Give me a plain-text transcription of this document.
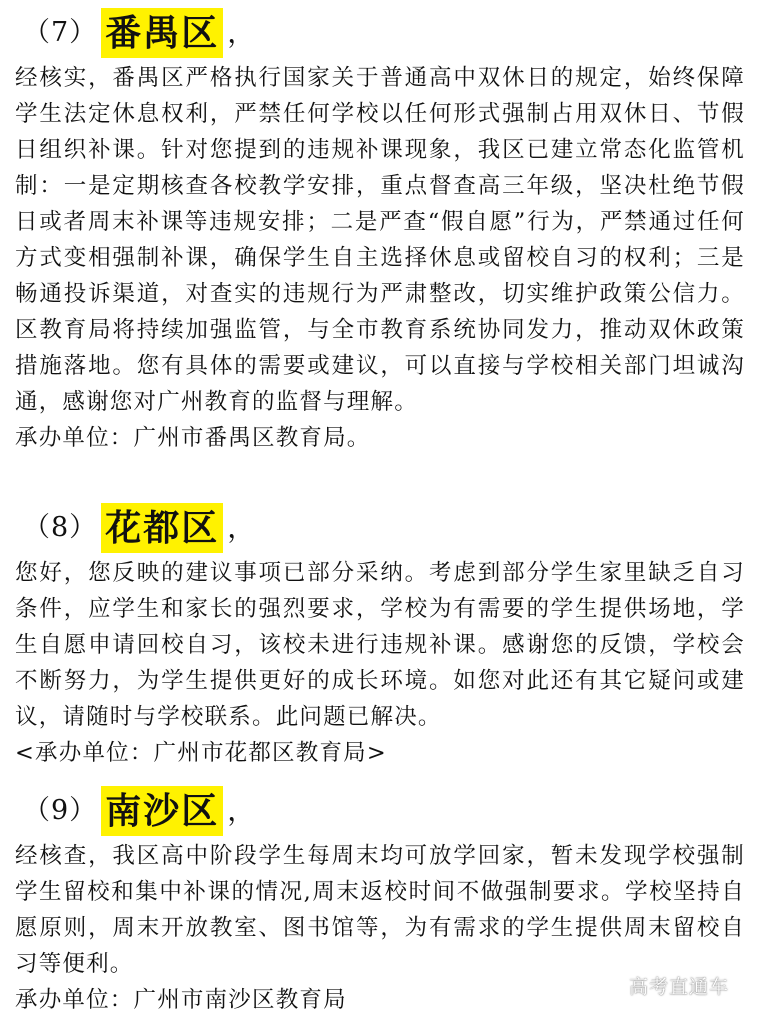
（7） 番禺区 ，

经核实，番禺区严格执行国家关于普通高中双休日的规定，始终保障学生法定休息权利，严禁任何学校以任何形式强制占用双休日、节假日组织补课。针对您提到的违规补课现象，我区已建立常态化监管机制：一是定期核查各校教学安排，重点督查高三年级，坚决杜绝节假日或者周末补课等违规安排；二是严查“假自愿”行为，严禁通过任何方式变相强制补课，确保学生自主选择休息或留校自习的权利；三是畅通投诉渠道，对查实的违规行为严肃整改，切实维护政策公信力。区教育局将持续加强监管，与全市教育系统协同发力，推动双休政策措施落地。您有具体的需要或建议，可以直接与学校相关部门坦诚沟通，感谢您对广州教育的监督与理解。

承办单位：广州市番禺区教育局。

（8） 花都区 ，

您好，您反映的建议事项已部分采纳。考虑到部分学生家里缺乏自习条件，应学生和家长的强烈要求，学校为有需要的学生提供场地，学生自愿申请回校自习，该校未进行违规补课。感谢您的反馈，学校会不断努力，为学生提供更好的成长环境。如您对此还有其它疑问或建议，请随时与学校联系。此问题已解决。

<承办单位：广州市花都区教育局>

（9） 南沙区 ，

经核查，我区高中阶段学生每周末均可放学回家，暂未发现学校强制学生留校和集中补课的情况,周末返校时间不做强制要求。学校坚持自愿原则，周末开放教室、图书馆等，为有需求的学生提供周末留校自习等便利。

承办单位：广州市南沙区教育局	高考直通车
